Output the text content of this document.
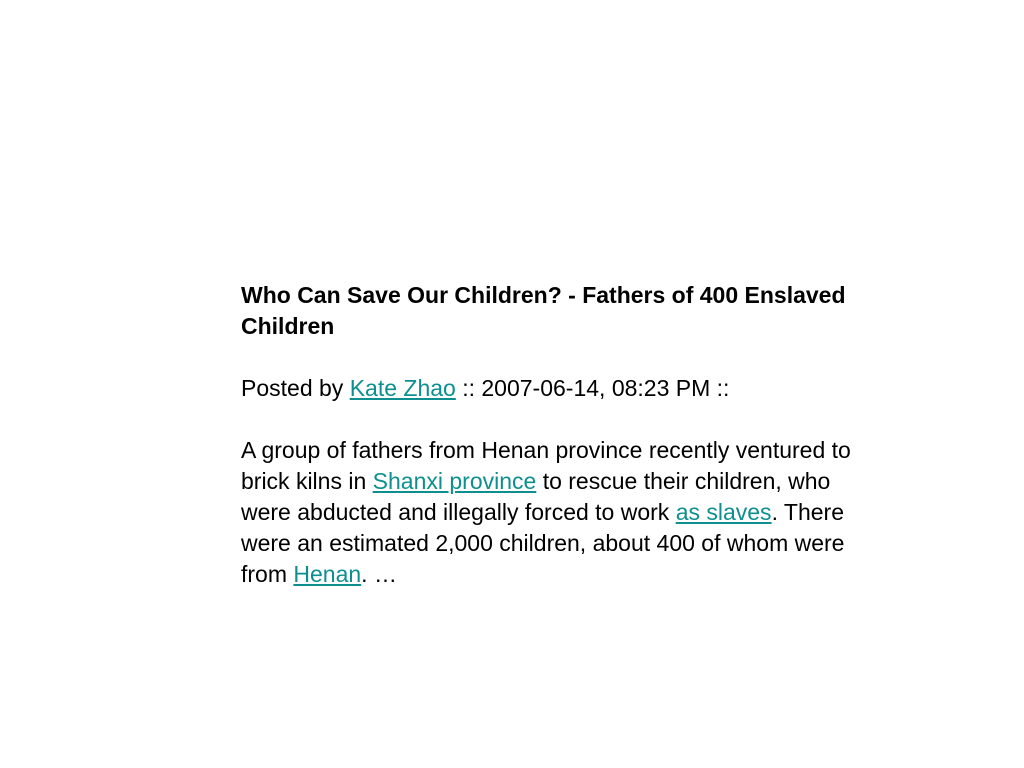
Who Can Save Our Children? - Fathers of 400 Enslaved Children

Posted by Kate Zhao :: 2007-06-14, 08:23 PM ::

A group of fathers from Henan province recently ventured to brick kilns in Shanxi province to rescue their children, who were abducted and illegally forced to work as slaves. There were an estimated 2,000 children, about 400 of whom were from Henan. …
